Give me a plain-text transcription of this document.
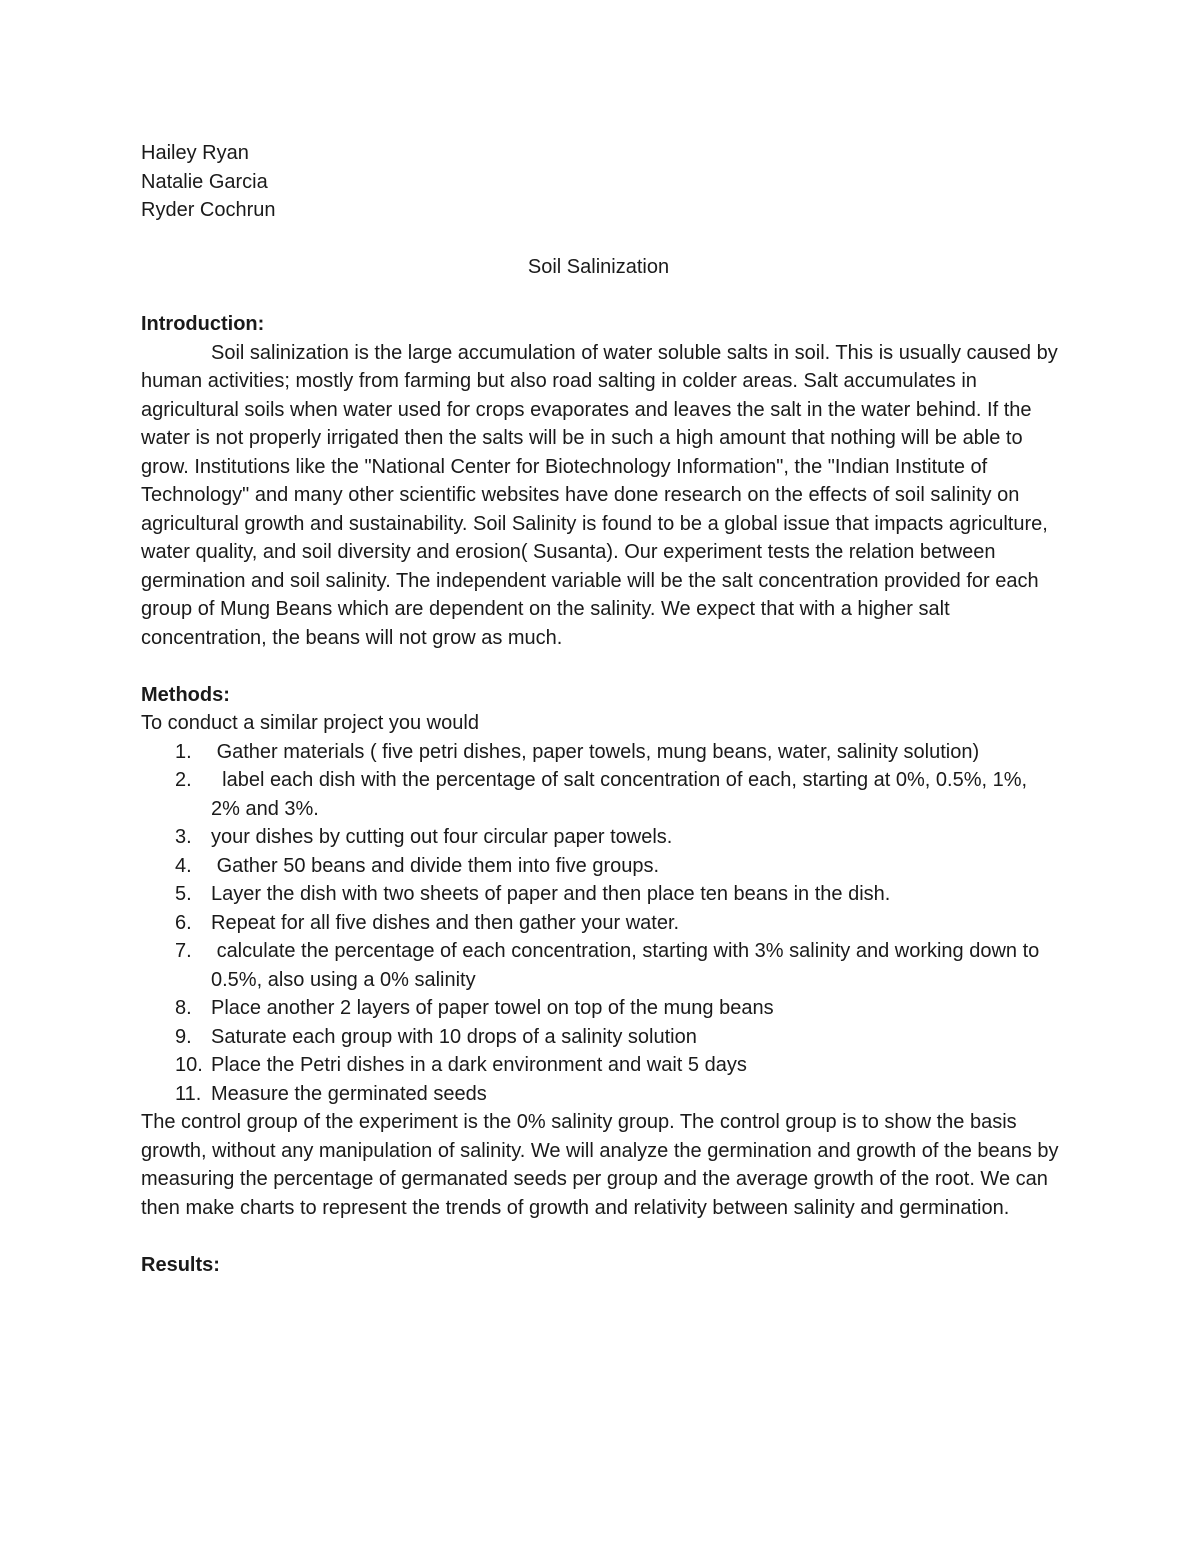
Hailey Ryan

Natalie Garcia

Ryder Cochrun

Soil Salinization

Introduction:

Soil salinization is the large accumulation of water soluble salts in soil. This is usually caused by human activities; mostly from farming but also road salting in colder areas. Salt accumulates in agricultural soils when water used for crops evaporates and leaves the salt in the water behind. If the water is not properly irrigated then the salts will be in such a high amount that nothing will be able to grow. Institutions like the "National Center for Biotechnology Information", the "Indian Institute of Technology" and many other scientific websites have done research on the effects of soil salinity on agricultural growth and sustainability. Soil Salinity is found to be a global issue that impacts agriculture, water quality, and soil diversity and erosion( Susanta). Our experiment tests the relation between germination and soil salinity. The independent variable will be the salt concentration provided for each group of Mung Beans which are dependent on the salinity. We expect that with a higher salt concentration, the beans will not grow as much.

Methods:

To conduct a similar project you would

1. Gather materials ( five petri dishes, paper towels, mung beans, water, salinity solution)
2. label each dish with the percentage of salt concentration of each, starting at 0%, 0.5%, 1%, 2% and 3%.
3. your dishes by cutting out four circular paper towels.
4. Gather 50 beans and divide them into five groups.
5. Layer the dish with two sheets of paper and then place ten beans in the dish.
6. Repeat for all five dishes and then gather your water.
7. calculate the percentage of each concentration, starting with 3% salinity and working down to 0.5%, also using a 0% salinity
8. Place another 2 layers of paper towel on top of the mung beans
9. Saturate each group with 10 drops of a salinity solution
10. Place the Petri dishes in a dark environment and wait 5 days
11. Measure the germinated seeds

The control group of the experiment is the 0% salinity group. The control group is to show the basis growth, without any manipulation of salinity. We will analyze the germination and growth of the beans by measuring the percentage of germanated seeds per group and the average growth of the root. We can then make charts to represent the trends of growth and relativity between salinity and germination.

Results:
